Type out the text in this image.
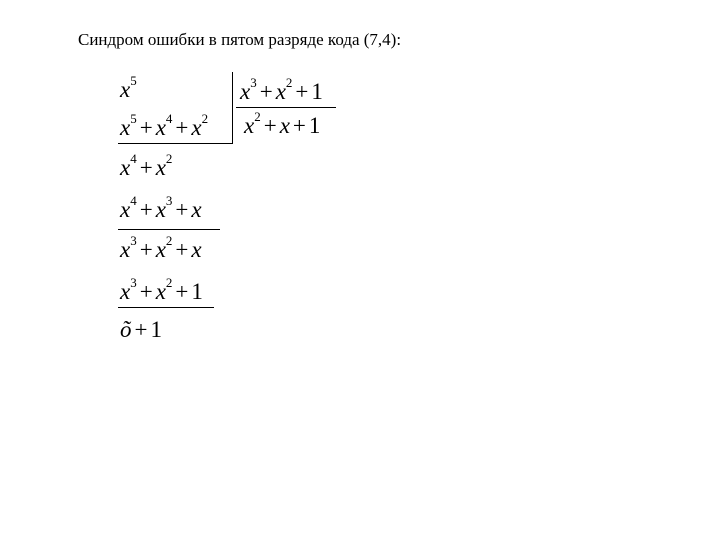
Синдром ошибки в пятом разряде кода (7,4):
$x^5$	$x^3 + x^2 + 1$
$x^2 + x + 1$
$x^5 + x^4 + x^2$
$x^4 + x^2$
$x^4 + x^3 + x$
$x^3 + x^2 + x$
$x^3 + x^2 + 1$
õ + 1
